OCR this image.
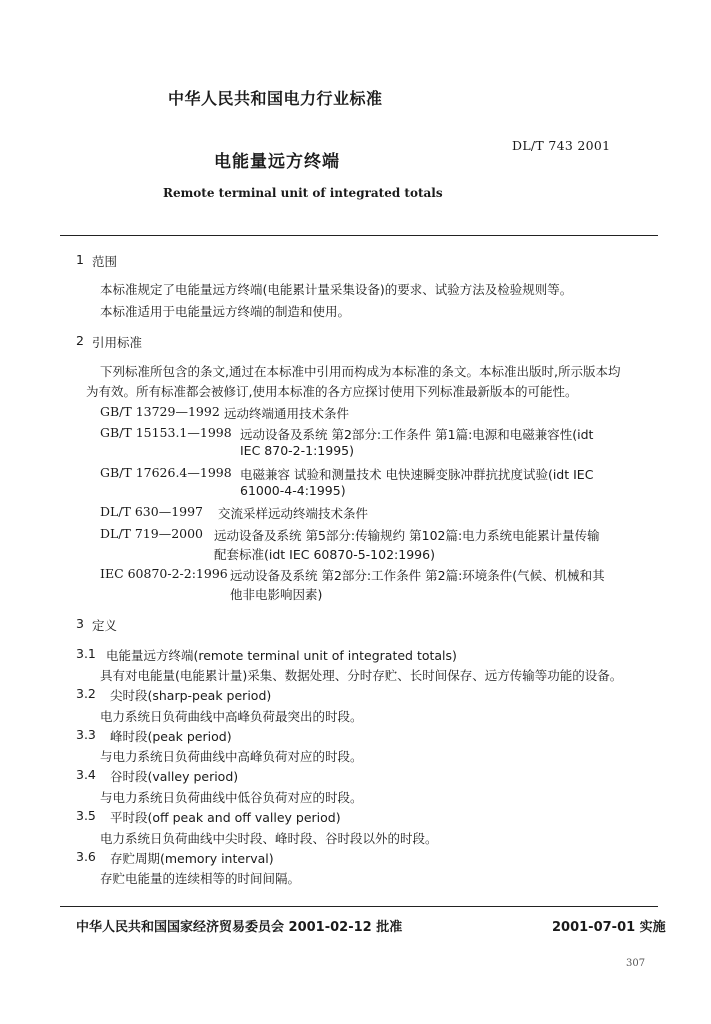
中华人民共和国电力行业标准
DL/T 743 2001
电能量远方终端
Remote terminal unit of integrated totals
1 范围
本标准规定了电能量远方终端(电能累计量采集设备)的要求、试验方法及检验规则等。
本标准适用于电能量远方终端的制造和使用。
2 引用标准
下列标准所包含的条文,通过在本标准中引用而构成为本标准的条文。本标准出版时,所示版本均
为有效。所有标准都会被修订,使用本标准的各方应探讨使用下列标准最新版本的可能性。
GB/T 13729—1992 远动终端通用技术条件
GB/T 15153.1—1998 远动设备及系统 第2部分:工作条件 第1篇:电源和电磁兼容性(idt
IEC 870-2-1:1995)
GB/T 17626.4—1998 电磁兼容 试验和测量技术 电快速瞬变脉冲群抗扰度试验(idt IEC
61000-4-4:1995)
DL/T 630—1997 交流采样远动终端技术条件
DL/T 719—2000 远动设备及系统 第5部分:传输规约 第102篇:电力系统电能累计量传输
配套标准(idt IEC 60870-5-102:1996)
IEC 60870-2-2:1996 远动设备及系统 第2部分:工作条件 第2篇:环境条件(气候、机械和其
他非电影响因素)
3 定义
3.1 电能量远方终端(remote terminal unit of integrated totals)
具有对电能量(电能累计量)采集、数据处理、分时存贮、长时间保存、远方传输等功能的设备。
3.2 尖时段(sharp-peak period)
电力系统日负荷曲线中高峰负荷最突出的时段。
3.3 峰时段(peak period)
与电力系统日负荷曲线中高峰负荷对应的时段。
3.4 谷时段(valley period)
与电力系统日负荷曲线中低谷负荷对应的时段。
3.5 平时段(off peak and off valley period)
电力系统日负荷曲线中尖时段、峰时段、谷时段以外的时段。
3.6 存贮周期(memory interval)
存贮电能量的连续相等的时间间隔。
中华人民共和国国家经济贸易委员会 2001-02-12 批准	2001-07-01 实施
307
